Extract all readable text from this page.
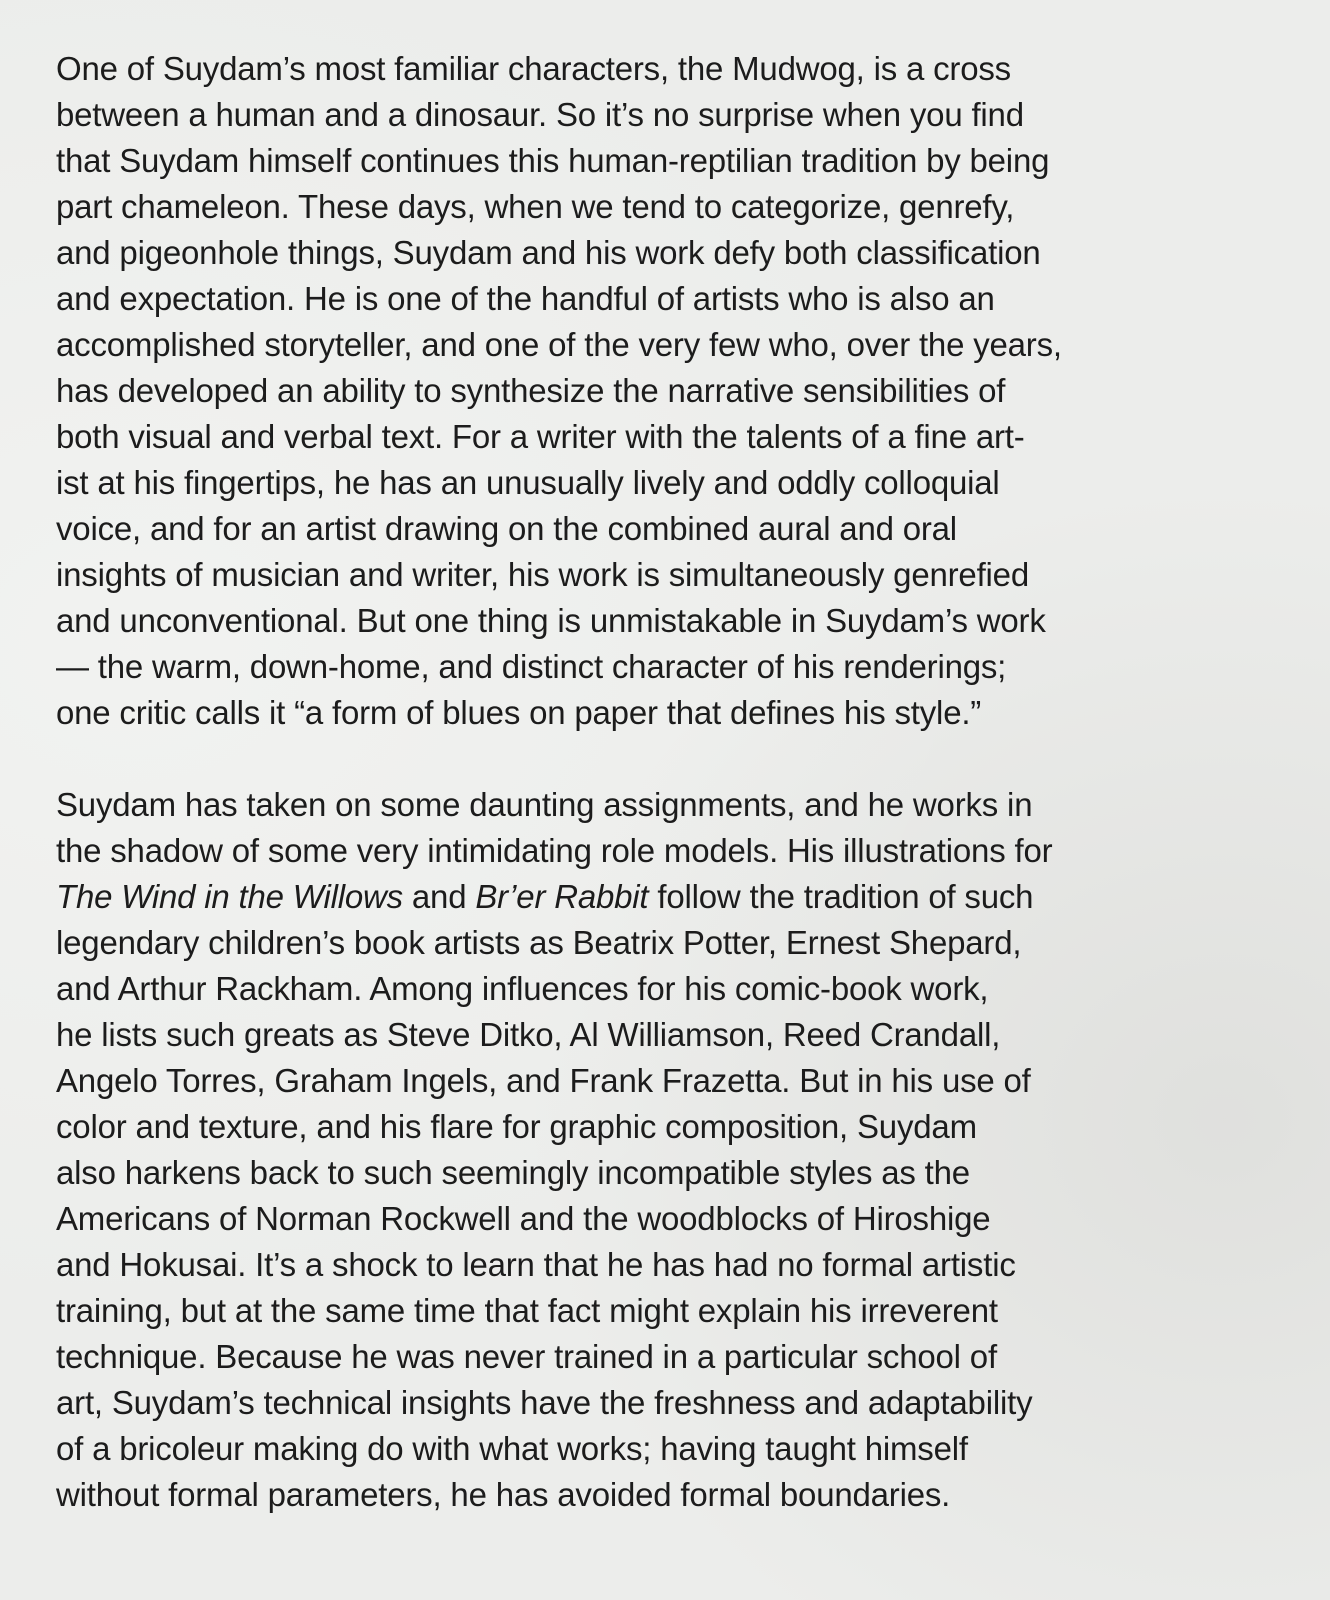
One of Suydam’s most familiar characters, the Mudwog, is a cross
between a human and a dinosaur. So it’s no surprise when you find
that Suydam himself continues this human-reptilian tradition by being
part chameleon. These days, when we tend to categorize, genrefy,
and pigeonhole things, Suydam and his work defy both classification
and expectation. He is one of the handful of artists who is also an
accomplished storyteller, and one of the very few who, over the years,
has developed an ability to synthesize the narrative sensibilities of
both visual and verbal text. For a writer with the talents of a fine art-
ist at his fingertips, he has an unusually lively and oddly colloquial
voice, and for an artist drawing on the combined aural and oral
insights of musician and writer, his work is simultaneously genrefied
and unconventional. But one thing is unmistakable in Suydam’s work
— the warm, down-home, and distinct character of his renderings;
one critic calls it “a form of blues on paper that defines his style.”

Suydam has taken on some daunting assignments, and he works in
the shadow of some very intimidating role models. His illustrations for
The Wind in the Willows and Br’er Rabbit follow the tradition of such
legendary children’s book artists as Beatrix Potter, Ernest Shepard,
and Arthur Rackham. Among influences for his comic-book work,
he lists such greats as Steve Ditko, Al Williamson, Reed Crandall,
Angelo Torres, Graham Ingels, and Frank Frazetta. But in his use of
color and texture, and his flare for graphic composition, Suydam
also harkens back to such seemingly incompatible styles as the
Americans of Norman Rockwell and the woodblocks of Hiroshige
and Hokusai. It’s a shock to learn that he has had no formal artistic
training, but at the same time that fact might explain his irreverent
technique. Because he was never trained in a particular school of
art, Suydam’s technical insights have the freshness and adaptability
of a bricoleur making do with what works; having taught himself
without formal parameters, he has avoided formal boundaries.
